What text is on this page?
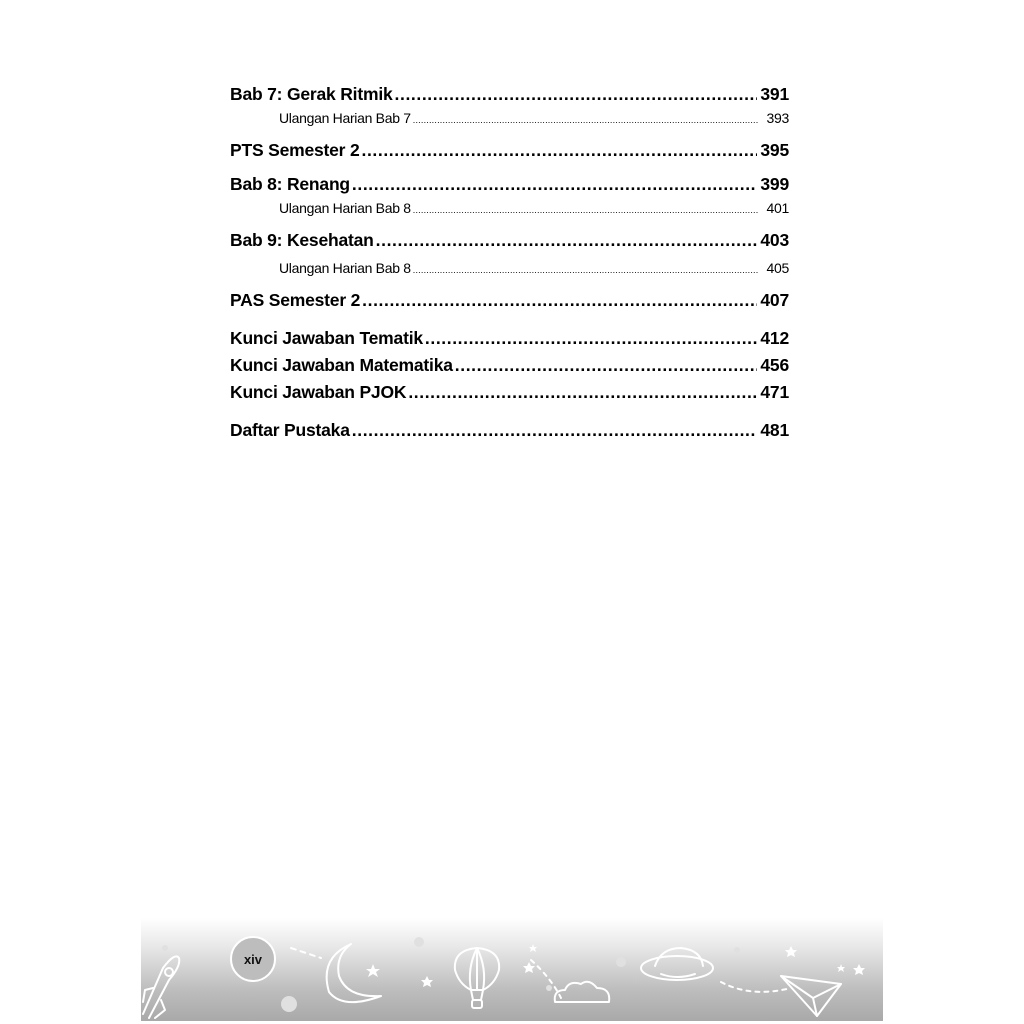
Bab 7: Gerak Ritmik .....	391
Ulangan Harian Bab 7 .....	393
PTS Semester 2 .....	395
Bab 8: Renang .....	399
Ulangan Harian Bab 8 .....	401
Bab 9: Kesehatan .....	403
Ulangan Harian Bab 8 .....	405
PAS Semester 2 .....	407
Kunci Jawaban Tematik .....	412
Kunci Jawaban Matematika .....	456
Kunci Jawaban PJOK .....	471
Daftar Pustaka .....	481
xiv
